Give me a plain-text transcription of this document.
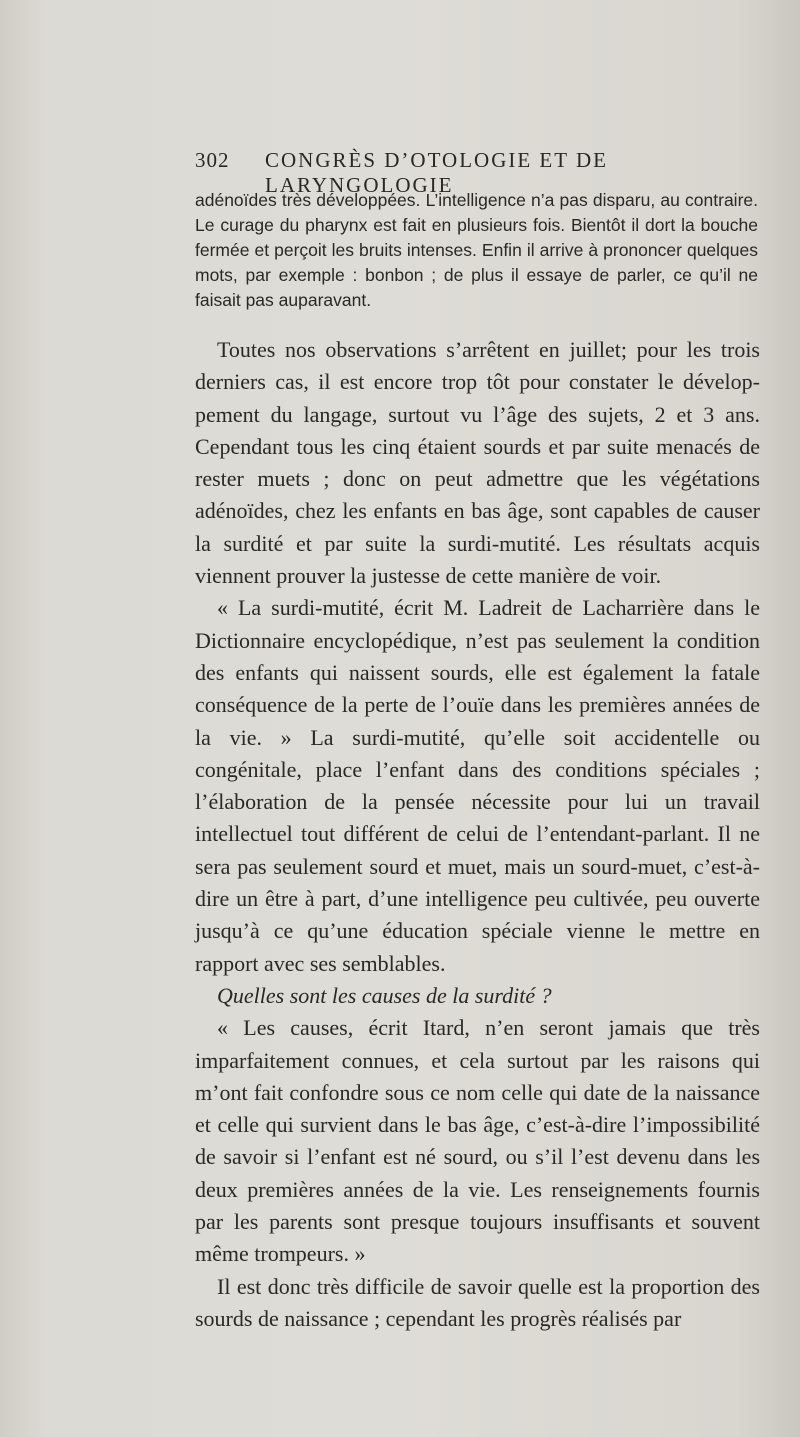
302 CONGRÈS D’OTOLOGIE ET DE LARYNGOLOGIE

adénoïdes très développées. L’intelligence n’a pas disparu, au contraire. Le curage du pharynx est fait en plusieurs fois. Bientôt il dort la bouche fermée et perçoit les bruits intenses. Enfin il arrive à prononcer quelques mots, par exemple : bonbon ; de plus il essaye de parler, ce qu’il ne faisait pas auparavant.

Toutes nos observations s’arrêtent en juillet; pour les trois derniers cas, il est encore trop tôt pour constater le développement du langage, surtout vu l’âge des sujets, 2 et 3 ans. Cependant tous les cinq étaient sourds et par suite menacés de rester muets ; donc on peut admettre que les végétations adénoïdes, chez les enfants en bas âge, sont capables de causer la surdité et par suite la surdi-mutité. Les résultats acquis viennent prouver la justesse de cette manière de voir.

« La surdi-mutité, écrit M. Ladreit de Lacharrière dans le Dictionnaire encyclopédique, n’est pas seulement la condition des enfants qui naissent sourds, elle est également la fatale conséquence de la perte de l’ouïe dans les premières années de la vie. » La surdi-mutité, qu’elle soit accidentelle ou congénitale, place l’enfant dans des conditions spéciales ; l’élaboration de la pensée nécessite pour lui un travail intellectuel tout différent de celui de l’entendant-parlant. Il ne sera pas seulement sourd et muet, mais un sourd-muet, c’est-à-dire un être à part, d’une intelligence peu cultivée, peu ouverte jusqu’à ce qu’une éducation spéciale vienne le mettre en rapport avec ses semblables.

Quelles sont les causes de la surdité ?

« Les causes, écrit Itard, n’en seront jamais que très imparfaitement connues, et cela surtout par les raisons qui m’ont fait confondre sous ce nom celle qui date de la naissance et celle qui survient dans le bas âge, c’est-à-dire l’impossibilité de savoir si l’enfant est né sourd, ou s’il l’est devenu dans les deux premières années de la vie. Les renseignements fournis par les parents sont presque toujours insuffisants et souvent même trompeurs. »

Il est donc très difficile de savoir quelle est la proportion des sourds de naissance ; cependant les progrès réalisés par
